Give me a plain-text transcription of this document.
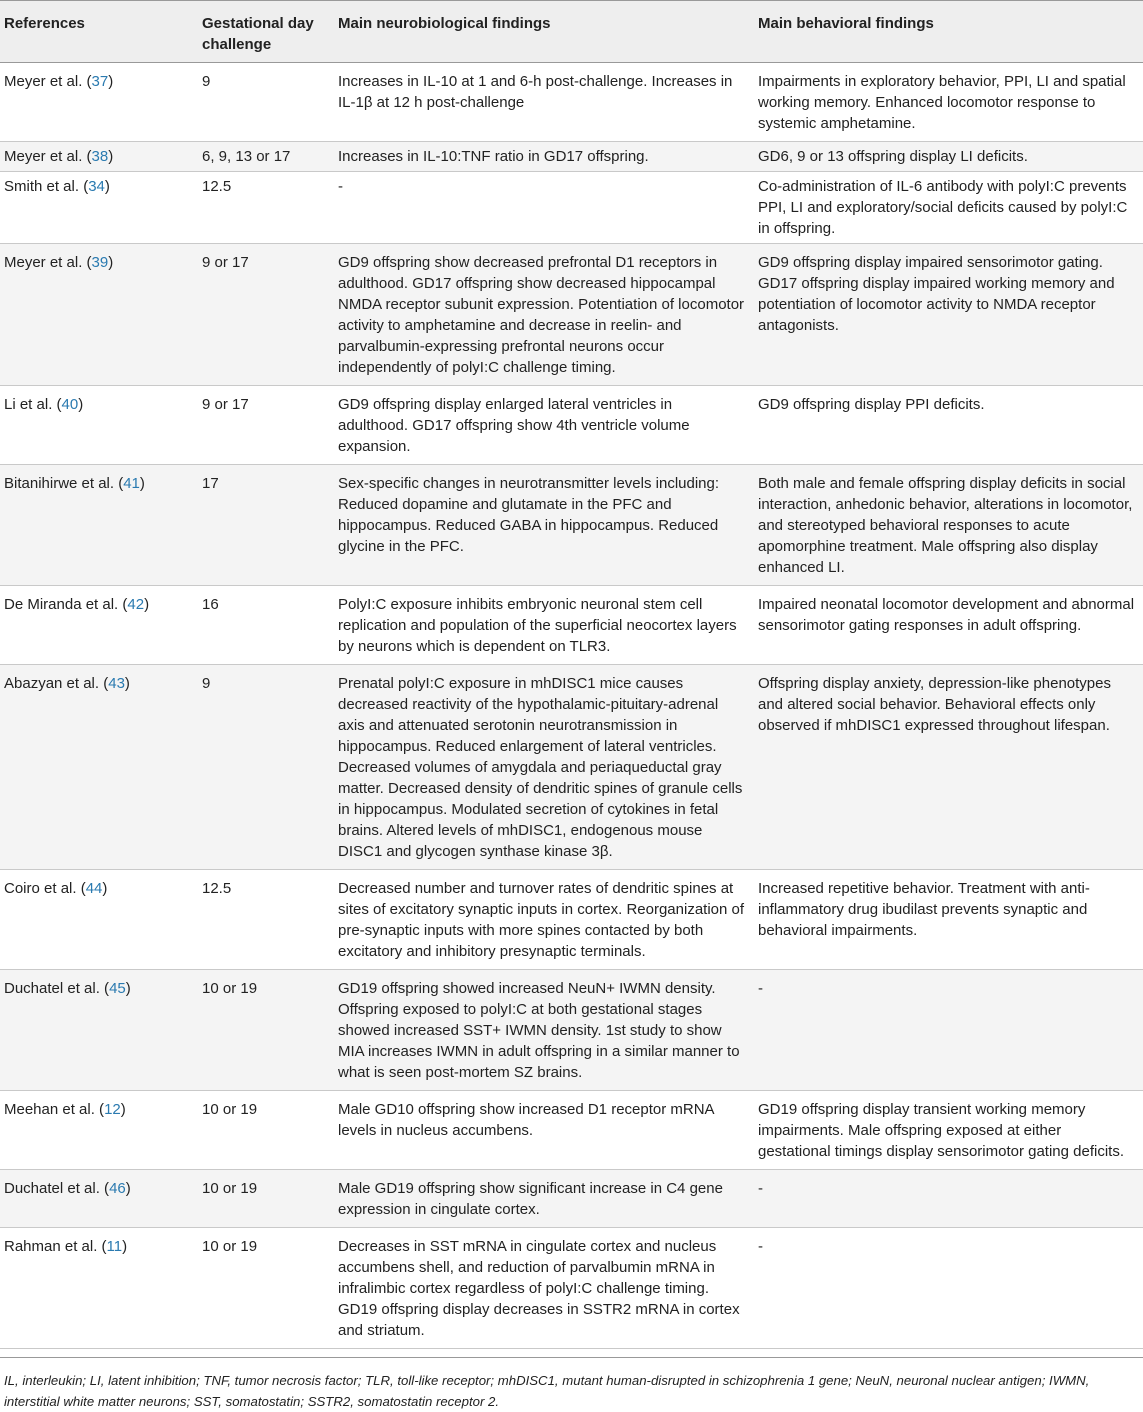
References	Gestational day challenge	Main neurobiological findings	Main behavioral findings
Meyer et al. (37)	9	Increases in IL-10 at 1 and 6-h post-challenge. Increases in IL-1β at 12 h post-challenge	Impairments in exploratory behavior, PPI, LI and spatial working memory. Enhanced locomotor response to systemic amphetamine.
Meyer et al. (38)	6, 9, 13 or 17	Increases in IL-10:TNF ratio in GD17 offspring.	GD6, 9 or 13 offspring display LI deficits.
Smith et al. (34)	12.5	-	Co-administration of IL-6 antibody with polyI:C prevents PPI, LI and exploratory/social deficits caused by polyI:C in offspring.
Meyer et al. (39)	9 or 17	GD9 offspring show decreased prefrontal D1 receptors in adulthood. GD17 offspring show decreased hippocampal NMDA receptor subunit expression. Potentiation of locomotor activity to amphetamine and decrease in reelin- and parvalbumin-expressing prefrontal neurons occur independently of polyI:C challenge timing.	GD9 offspring display impaired sensorimotor gating. GD17 offspring display impaired working memory and potentiation of locomotor activity to NMDA receptor antagonists.
Li et al. (40)	9 or 17	GD9 offspring display enlarged lateral ventricles in adulthood. GD17 offspring show 4th ventricle volume expansion.	GD9 offspring display PPI deficits.
Bitanihirwe et al. (41)	17	Sex-specific changes in neurotransmitter levels including: Reduced dopamine and glutamate in the PFC and hippocampus. Reduced GABA in hippocampus. Reduced glycine in the PFC.	Both male and female offspring display deficits in social interaction, anhedonic behavior, alterations in locomotor, and stereotyped behavioral responses to acute apomorphine treatment. Male offspring also display enhanced LI.
De Miranda et al. (42)	16	PolyI:C exposure inhibits embryonic neuronal stem cell replication and population of the superficial neocortex layers by neurons which is dependent on TLR3.	Impaired neonatal locomotor development and abnormal sensorimotor gating responses in adult offspring.
Abazyan et al. (43)	9	Prenatal polyI:C exposure in mhDISC1 mice causes decreased reactivity of the hypothalamic-pituitary-adrenal axis and attenuated serotonin neurotransmission in hippocampus. Reduced enlargement of lateral ventricles. Decreased volumes of amygdala and periaqueductal gray matter. Decreased density of dendritic spines of granule cells in hippocampus. Modulated secretion of cytokines in fetal brains. Altered levels of mhDISC1, endogenous mouse DISC1 and glycogen synthase kinase 3β.	Offspring display anxiety, depression-like phenotypes and altered social behavior. Behavioral effects only observed if mhDISC1 expressed throughout lifespan.
Coiro et al. (44)	12.5	Decreased number and turnover rates of dendritic spines at sites of excitatory synaptic inputs in cortex. Reorganization of pre-synaptic inputs with more spines contacted by both excitatory and inhibitory presynaptic terminals.	Increased repetitive behavior. Treatment with anti-inflammatory drug ibudilast prevents synaptic and behavioral impairments.
Duchatel et al. (45)	10 or 19	GD19 offspring showed increased NeuN+ IWMN density. Offspring exposed to polyI:C at both gestational stages showed increased SST+ IWMN density. 1st study to show MIA increases IWMN in adult offspring in a similar manner to what is seen post-mortem SZ brains.	-
Meehan et al. (12)	10 or 19	Male GD10 offspring show increased D1 receptor mRNA levels in nucleus accumbens.	GD19 offspring display transient working memory impairments. Male offspring exposed at either gestational timings display sensorimotor gating deficits.
Duchatel et al. (46)	10 or 19	Male GD19 offspring show significant increase in C4 gene expression in cingulate cortex.	-
Rahman et al. (11)	10 or 19	Decreases in SST mRNA in cingulate cortex and nucleus accumbens shell, and reduction of parvalbumin mRNA in infralimbic cortex regardless of polyI:C challenge timing. GD19 offspring display decreases in SSTR2 mRNA in cortex and striatum.	-
IL, interleukin; LI, latent inhibition; TNF, tumor necrosis factor; TLR, toll-like receptor; mhDISC1, mutant human-disrupted in schizophrenia 1 gene; NeuN, neuronal nuclear antigen; IWMN, interstitial white matter neurons; SST, somatostatin; SSTR2, somatostatin receptor 2.
